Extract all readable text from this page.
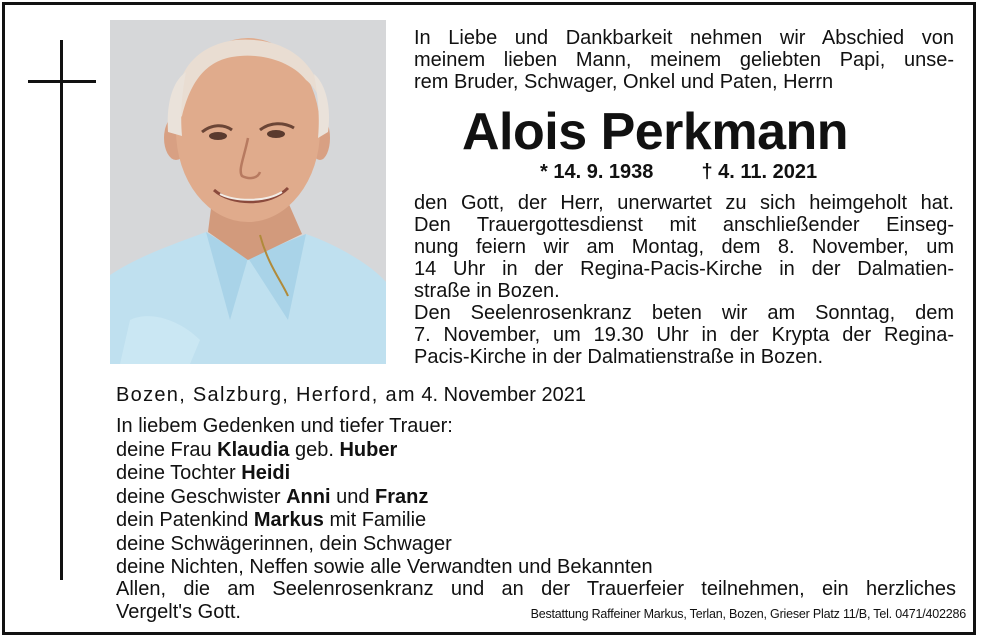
In Liebe und Dankbarkeit nehmen wir Abschied von
meinem lieben Mann, meinem geliebten Papi, unse-
rem Bruder, Schwager, Onkel und Paten, Herrn
Alois Perkmann
* 14. 9. 1938 † 4. 11. 2021
den Gott, der Herr, unerwartet zu sich heimgeholt hat.
Den Trauergottesdienst mit anschließender Einseg-
nung feiern wir am Montag, dem 8. November, um
14 Uhr in der Regina-Pacis-Kirche in der Dalmatien-
straße in Bozen.
Den Seelenrosenkranz beten wir am Sonntag, dem
7. November, um 19.30 Uhr in der Krypta der Regina-
Pacis-Kirche in der Dalmatienstraße in Bozen.
Bozen, Salzburg, Herford, am 4. November 2021
In liebem Gedenken und tiefer Trauer:
deine Frau Klaudia geb. Huber
deine Tochter Heidi
deine Geschwister Anni und Franz
dein Patenkind Markus mit Familie
deine Schwägerinnen, dein Schwager
deine Nichten, Neffen sowie alle Verwandten und Bekannten
Allen, die am Seelenrosenkranz und an der Trauerfeier teilnehmen, ein herzliches
Vergelt's Gott.	Bestattung Raffeiner Markus, Terlan, Bozen, Grieser Platz 11/B, Tel. 0471/402286
